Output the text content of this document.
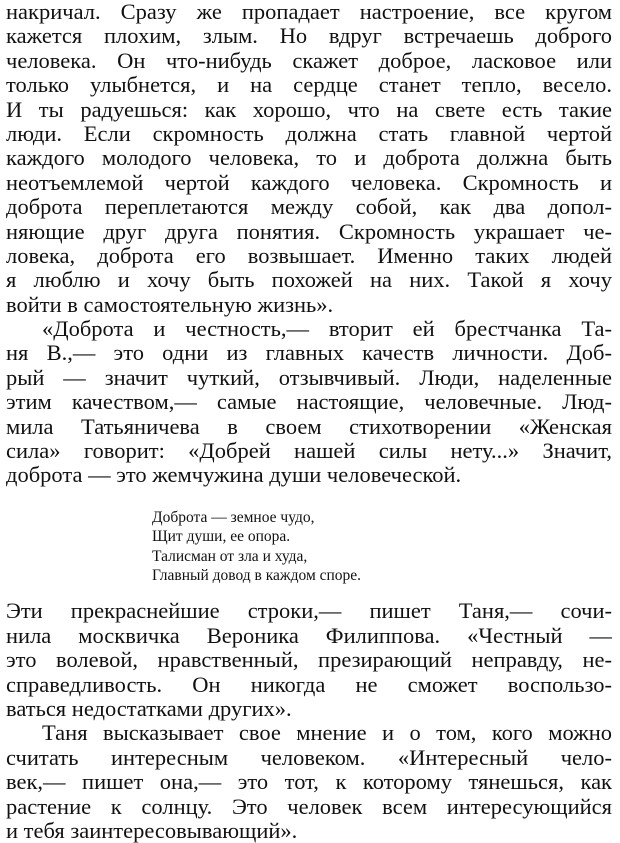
накричал. Сразу же пропадает настроение, все кругом
кажется плохим, злым. Но вдруг встречаешь доброго
человека. Он что-нибудь скажет доброе, ласковое или
только улыбнется, и на сердце станет тепло, весело.
И ты радуешься: как хорошо, что на свете есть такие
люди. Если скромность должна стать главной чертой
каждого молодого человека, то и доброта должна быть
неотъемлемой чертой каждого человека. Скромность и
доброта переплетаются между собой, как два допол-
няющие друг друга понятия. Скромность украшает че-
ловека, доброта его возвышает. Именно таких людей
я люблю и хочу быть похожей на них. Такой я хочу
войти в самостоятельную жизнь».
«Доброта и честность,— вторит ей брестчанка Та-
ня В.,— это одни из главных качеств личности. Доб-
рый — значит чуткий, отзывчивый. Люди, наделенные
этим качеством,— самые настоящие, человечные. Люд-
мила Татьяничева в своем стихотворении «Женская
сила» говорит: «Добрей нашей силы нету...» Значит,
доброта — это жемчужина души человеческой.
Доброта — земное чудо,
Щит души, ее опора.
Талисман от зла и худа,
Главный довод в каждом споре.
Эти прекраснейшие строки,— пишет Таня,— сочи-
нила москвичка Вероника Филиппова. «Честный —
это волевой, нравственный, презирающий неправду, не-
справедливость. Он никогда не сможет воспользо-
ваться недостатками других».
Таня высказывает свое мнение и о том, кого можно
считать интересным человеком. «Интересный чело-
век,— пишет она,— это тот, к которому тянешься, как
растение к солнцу. Это человек всем интересующийся
и тебя заинтересовывающий».
